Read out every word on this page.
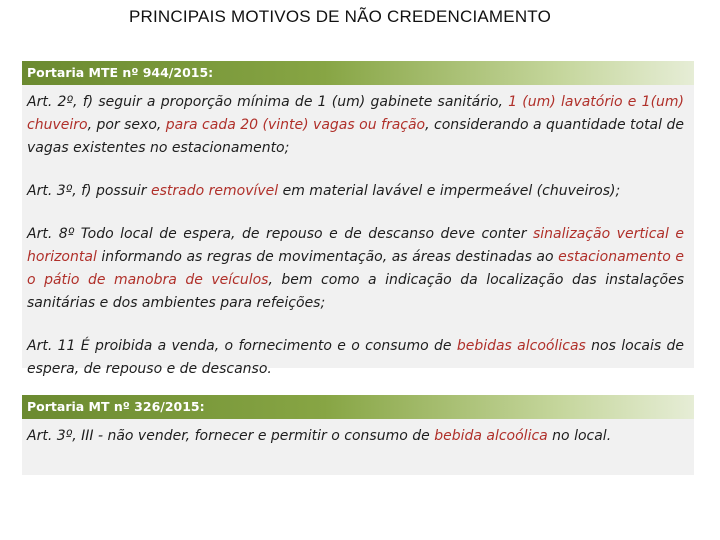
PRINCIPAIS MOTIVOS DE NÃO CREDENCIAMENTO
Portaria MTE nº 944/2015:

Art. 2º, f) seguir a proporção mínima de 1 (um) gabinete sanitário, 1 (um) lavatório e 1(um) chuveiro, por sexo, para cada 20 (vinte) vagas ou fração, considerando a quantidade total de vagas existentes no estacionamento;

Art. 3º, f) possuir estrado removível em material lavável e impermeável (chuveiros);

Art. 8º Todo local de espera, de repouso e de descanso deve conter sinalização vertical e horizontal informando as regras de movimentação, as áreas destinadas ao estacionamento e o pátio de manobra de veículos, bem como a indicação da localização das instalações sanitárias e dos ambientes para refeições;

Art. 11 É proibida a venda, o fornecimento e o consumo de bebidas alcoólicas nos locais de espera, de repouso e de descanso.

Portaria MT nº 326/2015:

Art. 3º, III - não vender, fornecer e permitir o consumo de bebida alcoólica no local.
